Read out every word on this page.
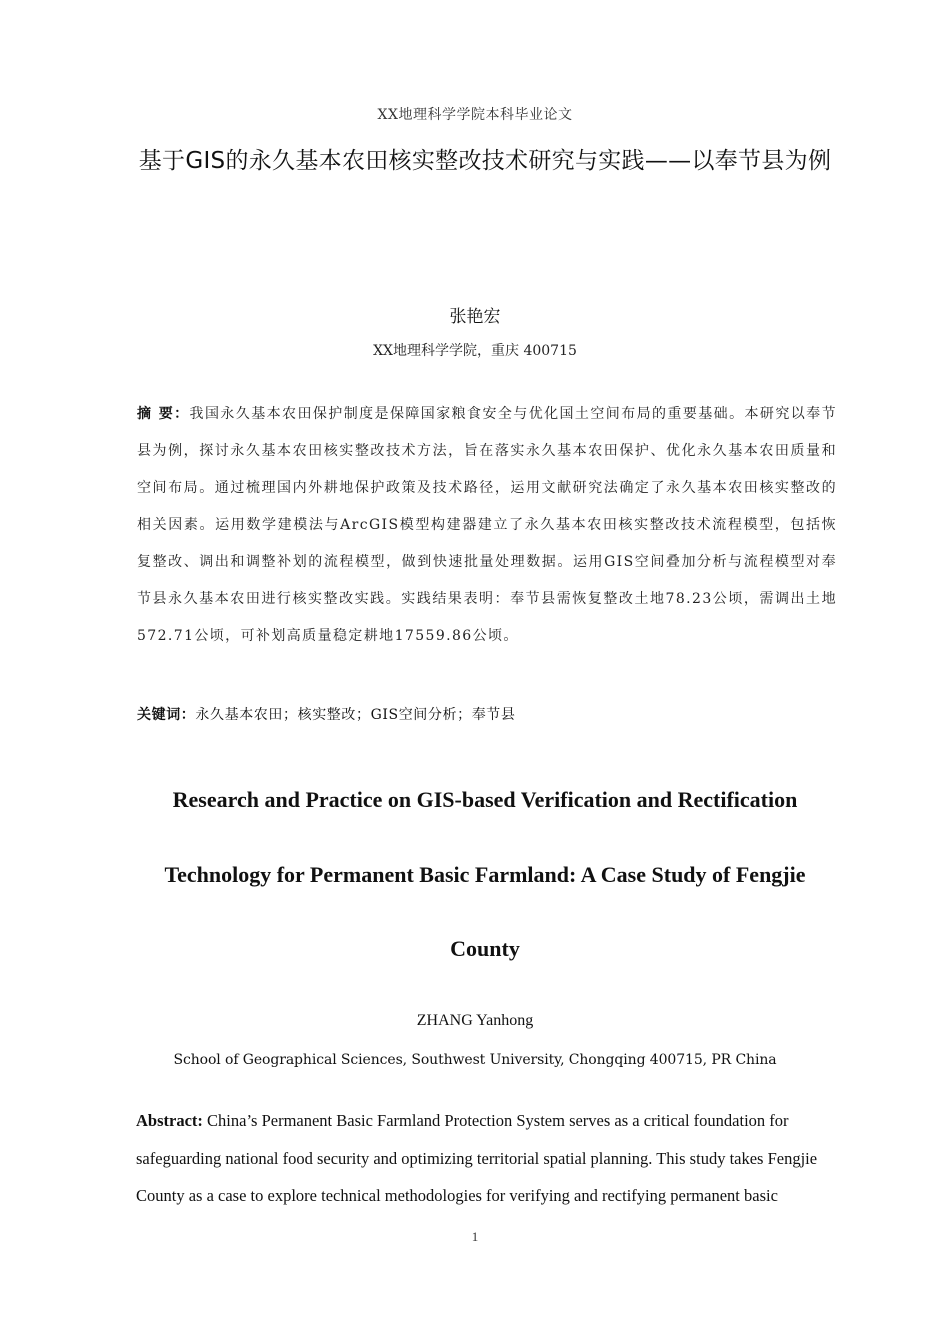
XX地理科学学院本科毕业论文
基于GIS的永久基本农田核实整改技术研究与实践——以奉节县为例
张艳宏
XX地理科学学院，重庆 400715
摘 要：我国永久基本农田保护制度是保障国家粮食安全与优化国土空间布局的重要基础。本研究以奉节县为例，探讨永久基本农田核实整改技术方法，旨在落实永久基本农田保护、优化永久基本农田质量和空间布局。通过梳理国内外耕地保护政策及技术路径，运用文献研究法确定了永久基本农田核实整改的相关因素。运用数学建模法与ArcGIS模型构建器建立了永久基本农田核实整改技术流程模型，包括恢复整改、调出和调整补划的流程模型，做到快速批量处理数据。运用GIS空间叠加分析与流程模型对奉节县永久基本农田进行核实整改实践。实践结果表明：奉节县需恢复整改土地78.23公顷，需调出土地572.71公顷，可补划高质量稳定耕地17559.86公顷。
关键词：永久基本农田；核实整改；GIS空间分析；奉节县
Research and Practice on GIS-based Verification and Rectification Technology for Permanent Basic Farmland: A Case Study of Fengjie County
ZHANG Yanhong
School of Geographical Sciences, Southwest University, Chongqing 400715, PR China
Abstract: China’s Permanent Basic Farmland Protection System serves as a critical foundation for safeguarding national food security and optimizing territorial spatial planning. This study takes Fengjie County as a case to explore technical methodologies for verifying and rectifying permanent basic
1
